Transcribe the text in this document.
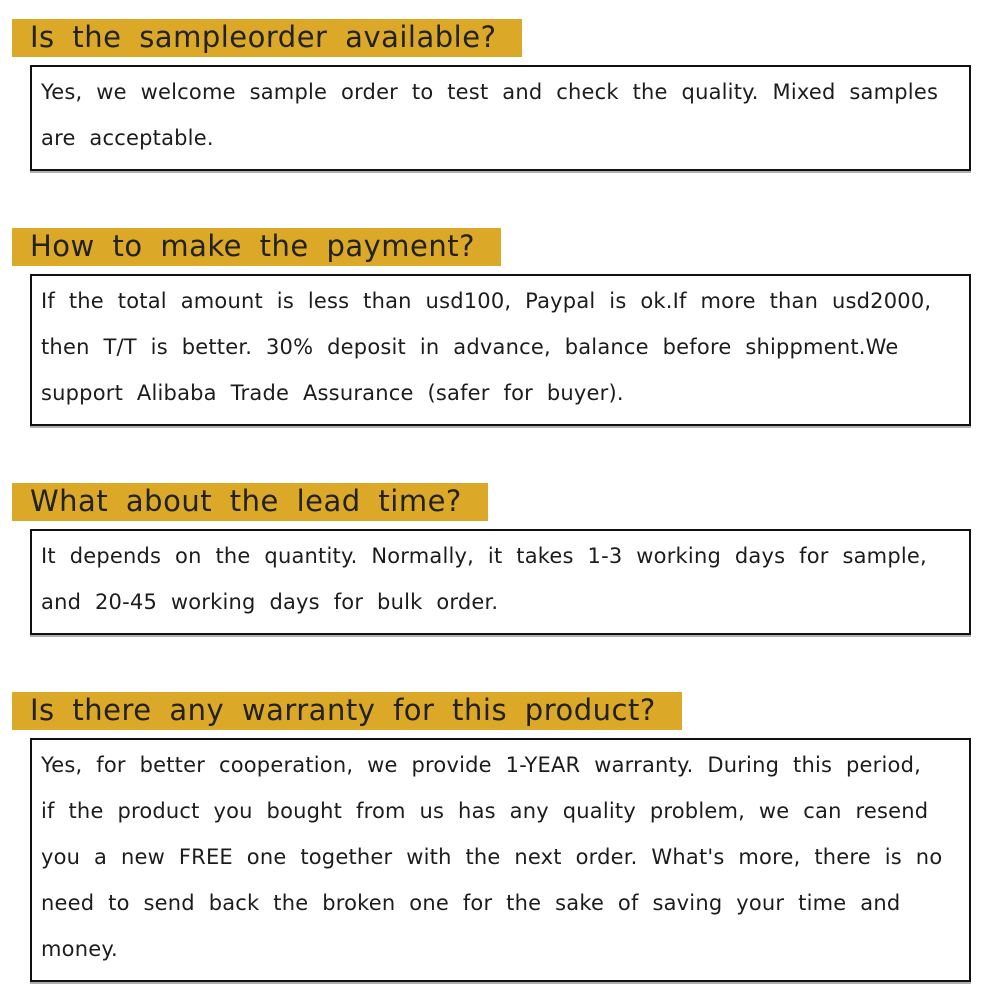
Is the sampleorder available?
Yes, we welcome sample order to test and check the quality. Mixed samples
are acceptable.
How to make the payment?
If the total amount is less than usd100, Paypal is ok.If more than usd2000,
then T/T is better. 30% deposit in advance, balance before shippment.We
support Alibaba Trade Assurance (safer for buyer).
What about the lead time?
It depends on the quantity. Normally, it takes 1-3 working days for sample,
and 20-45 working days for bulk order.
Is there any warranty for this product?
Yes, for better cooperation, we provide 1-YEAR warranty. During this period,
if the product you bought from us has any quality problem, we can resend
you a new FREE one together with the next order. What's more, there is no
need to send back the broken one for the sake of saving your time and
money.
